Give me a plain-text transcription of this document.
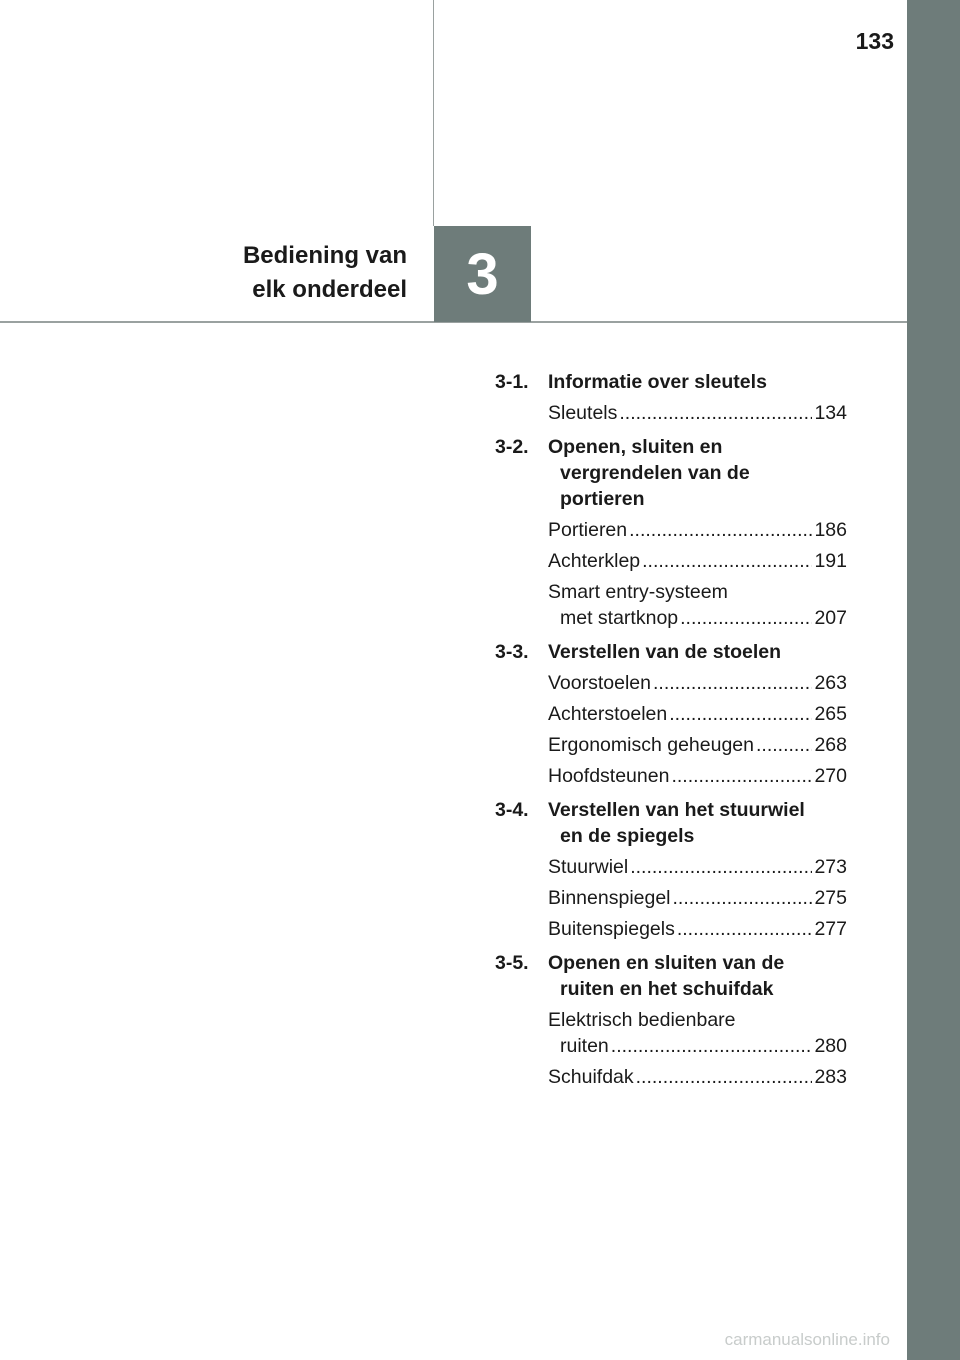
133
Bediening van
elk onderdeel 3
3-1. Informatie over sleutels
Sleutels .....	134
3-2. Openen, sluiten en
vergrendelen van de
portieren
Portieren .....	186
Achterklep .....	191
Smart entry-systeem
met startknop .....	207
3-3. Verstellen van de stoelen
Voorstoelen .....	263
Achterstoelen .....	265
Ergonomisch geheugen .....	268
Hoofdsteunen .....	270
3-4. Verstellen van het stuurwiel
en de spiegels
Stuurwiel .....	273
Binnenspiegel .....	275
Buitenspiegels .....	277
3-5. Openen en sluiten van de
ruiten en het schuifdak
Elektrisch bedienbare
ruiten .....	280
Schuifdak .....	283
carmanualsonline.info
